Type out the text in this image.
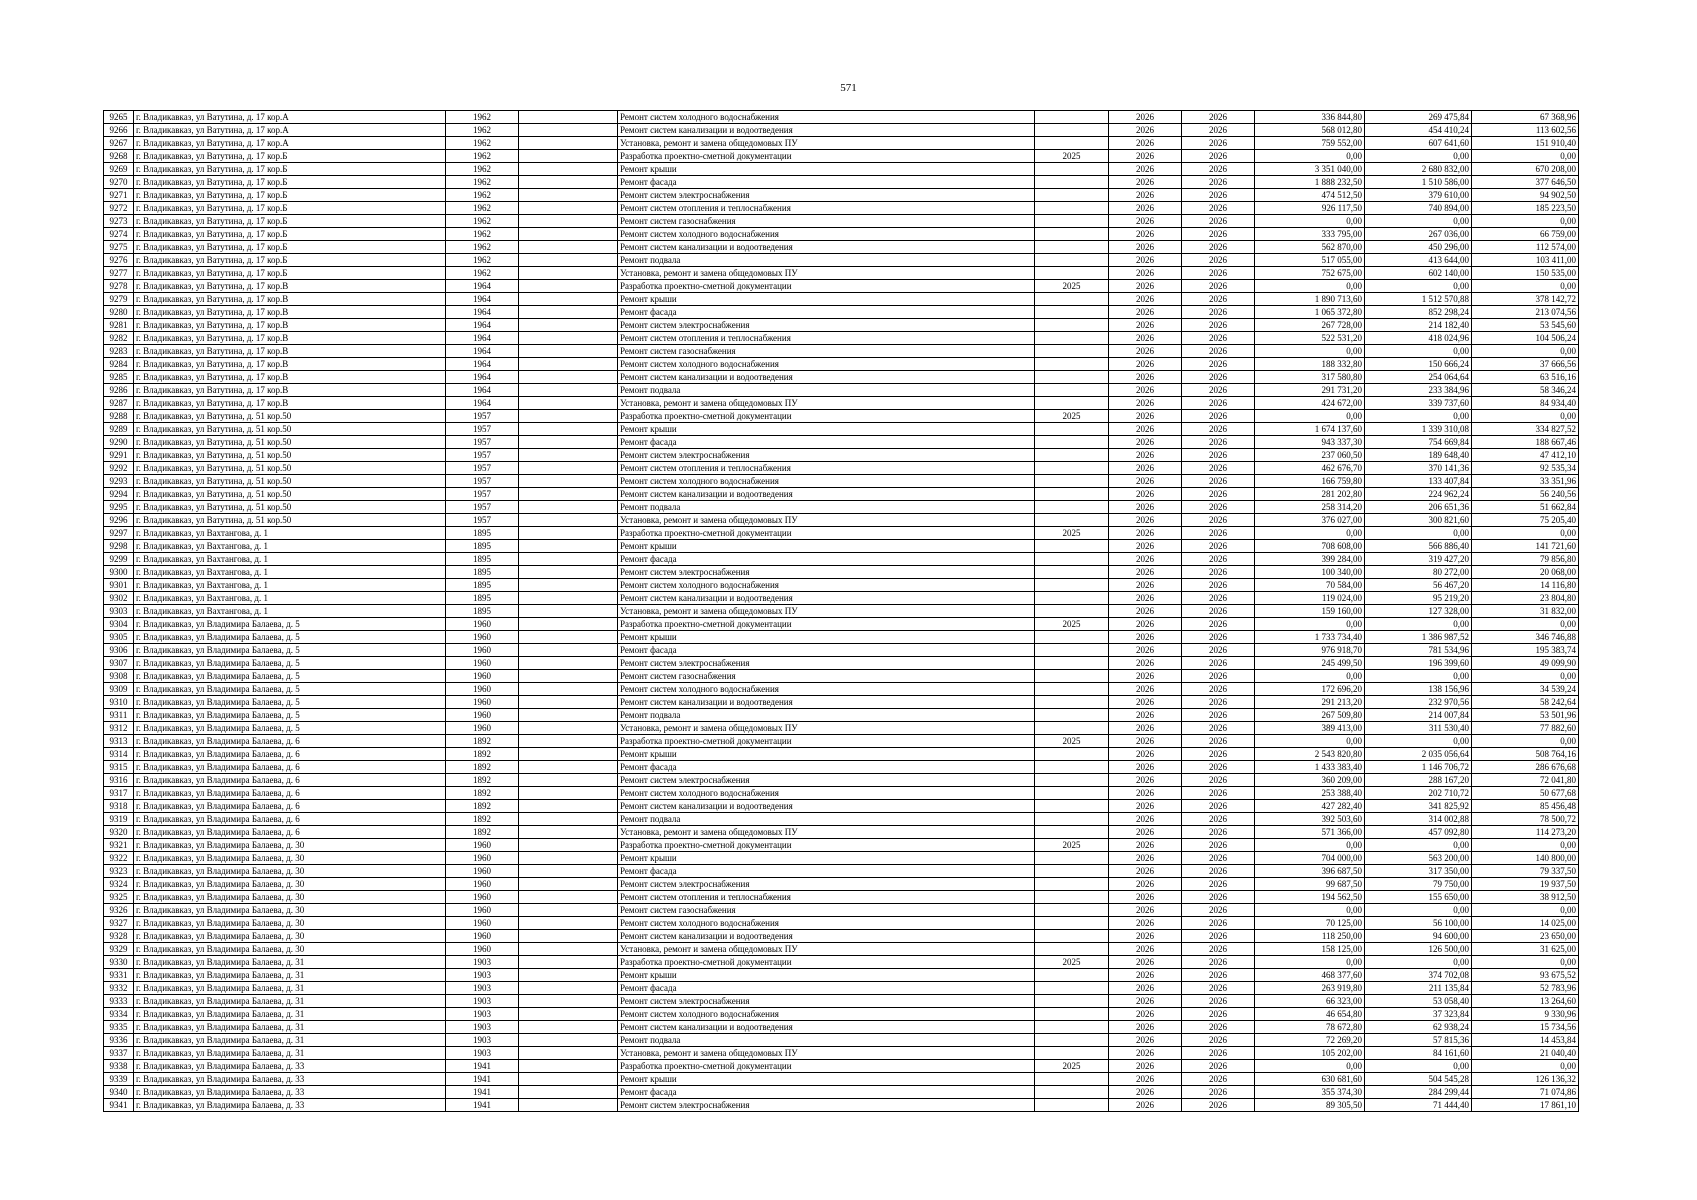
571
9265	г. Владикавказ, ул Ватутина, д. 17 кор.А	1962		Ремонт систем холодного водоснабжения		2026	2026	336 844,80	269 475,84	67 368,96
9266	г. Владикавказ, ул Ватутина, д. 17 кор.А	1962		Ремонт систем канализации и водоотведения		2026	2026	568 012,80	454 410,24	113 602,56
9267	г. Владикавказ, ул Ватутина, д. 17 кор.А	1962		Установка, ремонт и замена общедомовых ПУ		2026	2026	759 552,00	607 641,60	151 910,40
9268	г. Владикавказ, ул Ватутина, д. 17 кор.Б	1962		Разработка проектно-сметной документации	2025	2026	2026	0,00	0,00	0,00
9269	г. Владикавказ, ул Ватутина, д. 17 кор.Б	1962		Ремонт крыши		2026	2026	3 351 040,00	2 680 832,00	670 208,00
9270	г. Владикавказ, ул Ватутина, д. 17 кор.Б	1962		Ремонт фасада		2026	2026	1 888 232,50	1 510 586,00	377 646,50
9271	г. Владикавказ, ул Ватутина, д. 17 кор.Б	1962		Ремонт систем электроснабжения		2026	2026	474 512,50	379 610,00	94 902,50
9272	г. Владикавказ, ул Ватутина, д. 17 кор.Б	1962		Ремонт систем отопления и теплоснабжения		2026	2026	926 117,50	740 894,00	185 223,50
9273	г. Владикавказ, ул Ватутина, д. 17 кор.Б	1962		Ремонт систем газоснабжения		2026	2026	0,00	0,00	0,00
9274	г. Владикавказ, ул Ватутина, д. 17 кор.Б	1962		Ремонт систем холодного водоснабжения		2026	2026	333 795,00	267 036,00	66 759,00
9275	г. Владикавказ, ул Ватутина, д. 17 кор.Б	1962		Ремонт систем канализации и водоотведения		2026	2026	562 870,00	450 296,00	112 574,00
9276	г. Владикавказ, ул Ватутина, д. 17 кор.Б	1962		Ремонт подвала		2026	2026	517 055,00	413 644,00	103 411,00
9277	г. Владикавказ, ул Ватутина, д. 17 кор.Б	1962		Установка, ремонт и замена общедомовых ПУ		2026	2026	752 675,00	602 140,00	150 535,00
9278	г. Владикавказ, ул Ватутина, д. 17 кор.В	1964		Разработка проектно-сметной документации	2025	2026	2026	0,00	0,00	0,00
9279	г. Владикавказ, ул Ватутина, д. 17 кор.В	1964		Ремонт крыши		2026	2026	1 890 713,60	1 512 570,88	378 142,72
9280	г. Владикавказ, ул Ватутина, д. 17 кор.В	1964		Ремонт фасада		2026	2026	1 065 372,80	852 298,24	213 074,56
9281	г. Владикавказ, ул Ватутина, д. 17 кор.В	1964		Ремонт систем электроснабжения		2026	2026	267 728,00	214 182,40	53 545,60
9282	г. Владикавказ, ул Ватутина, д. 17 кор.В	1964		Ремонт систем отопления и теплоснабжения		2026	2026	522 531,20	418 024,96	104 506,24
9283	г. Владикавказ, ул Ватутина, д. 17 кор.В	1964		Ремонт систем газоснабжения		2026	2026	0,00	0,00	0,00
9284	г. Владикавказ, ул Ватутина, д. 17 кор.В	1964		Ремонт систем холодного водоснабжения		2026	2026	188 332,80	150 666,24	37 666,56
9285	г. Владикавказ, ул Ватутина, д. 17 кор.В	1964		Ремонт систем канализации и водоотведения		2026	2026	317 580,80	254 064,64	63 516,16
9286	г. Владикавказ, ул Ватутина, д. 17 кор.В	1964		Ремонт подвала		2026	2026	291 731,20	233 384,96	58 346,24
9287	г. Владикавказ, ул Ватутина, д. 17 кор.В	1964		Установка, ремонт и замена общедомовых ПУ		2026	2026	424 672,00	339 737,60	84 934,40
9288	г. Владикавказ, ул Ватутина, д. 51 кор.50	1957		Разработка проектно-сметной документации	2025	2026	2026	0,00	0,00	0,00
9289	г. Владикавказ, ул Ватутина, д. 51 кор.50	1957		Ремонт крыши		2026	2026	1 674 137,60	1 339 310,08	334 827,52
9290	г. Владикавказ, ул Ватутина, д. 51 кор.50	1957		Ремонт фасада		2026	2026	943 337,30	754 669,84	188 667,46
9291	г. Владикавказ, ул Ватутина, д. 51 кор.50	1957		Ремонт систем электроснабжения		2026	2026	237 060,50	189 648,40	47 412,10
9292	г. Владикавказ, ул Ватутина, д. 51 кор.50	1957		Ремонт систем отопления и теплоснабжения		2026	2026	462 676,70	370 141,36	92 535,34
9293	г. Владикавказ, ул Ватутина, д. 51 кор.50	1957		Ремонт систем холодного водоснабжения		2026	2026	166 759,80	133 407,84	33 351,96
9294	г. Владикавказ, ул Ватутина, д. 51 кор.50	1957		Ремонт систем канализации и водоотведения		2026	2026	281 202,80	224 962,24	56 240,56
9295	г. Владикавказ, ул Ватутина, д. 51 кор.50	1957		Ремонт подвала		2026	2026	258 314,20	206 651,36	51 662,84
9296	г. Владикавказ, ул Ватутина, д. 51 кор.50	1957		Установка, ремонт и замена общедомовых ПУ		2026	2026	376 027,00	300 821,60	75 205,40
9297	г. Владикавказ, ул Вахтангова, д. 1	1895		Разработка проектно-сметной документации	2025	2026	2026	0,00	0,00	0,00
9298	г. Владикавказ, ул Вахтангова, д. 1	1895		Ремонт крыши		2026	2026	708 608,00	566 886,40	141 721,60
9299	г. Владикавказ, ул Вахтангова, д. 1	1895		Ремонт фасада		2026	2026	399 284,00	319 427,20	79 856,80
9300	г. Владикавказ, ул Вахтангова, д. 1	1895		Ремонт систем электроснабжения		2026	2026	100 340,00	80 272,00	20 068,00
9301	г. Владикавказ, ул Вахтангова, д. 1	1895		Ремонт систем холодного водоснабжения		2026	2026	70 584,00	56 467,20	14 116,80
9302	г. Владикавказ, ул Вахтангова, д. 1	1895		Ремонт систем канализации и водоотведения		2026	2026	119 024,00	95 219,20	23 804,80
9303	г. Владикавказ, ул Вахтангова, д. 1	1895		Установка, ремонт и замена общедомовых ПУ		2026	2026	159 160,00	127 328,00	31 832,00
9304	г. Владикавказ, ул Владимира Балаева, д. 5	1960		Разработка проектно-сметной документации	2025	2026	2026	0,00	0,00	0,00
9305	г. Владикавказ, ул Владимира Балаева, д. 5	1960		Ремонт крыши		2026	2026	1 733 734,40	1 386 987,52	346 746,88
9306	г. Владикавказ, ул Владимира Балаева, д. 5	1960		Ремонт фасада		2026	2026	976 918,70	781 534,96	195 383,74
9307	г. Владикавказ, ул Владимира Балаева, д. 5	1960		Ремонт систем электроснабжения		2026	2026	245 499,50	196 399,60	49 099,90
9308	г. Владикавказ, ул Владимира Балаева, д. 5	1960		Ремонт систем газоснабжения		2026	2026	0,00	0,00	0,00
9309	г. Владикавказ, ул Владимира Балаева, д. 5	1960		Ремонт систем холодного водоснабжения		2026	2026	172 696,20	138 156,96	34 539,24
9310	г. Владикавказ, ул Владимира Балаева, д. 5	1960		Ремонт систем канализации и водоотведения		2026	2026	291 213,20	232 970,56	58 242,64
9311	г. Владикавказ, ул Владимира Балаева, д. 5	1960		Ремонт подвала		2026	2026	267 509,80	214 007,84	53 501,96
9312	г. Владикавказ, ул Владимира Балаева, д. 5	1960		Установка, ремонт и замена общедомовых ПУ		2026	2026	389 413,00	311 530,40	77 882,60
9313	г. Владикавказ, ул Владимира Балаева, д. 6	1892		Разработка проектно-сметной документации	2025	2026	2026	0,00	0,00	0,00
9314	г. Владикавказ, ул Владимира Балаева, д. 6	1892		Ремонт крыши		2026	2026	2 543 820,80	2 035 056,64	508 764,16
9315	г. Владикавказ, ул Владимира Балаева, д. 6	1892		Ремонт фасада		2026	2026	1 433 383,40	1 146 706,72	286 676,68
9316	г. Владикавказ, ул Владимира Балаева, д. 6	1892		Ремонт систем электроснабжения		2026	2026	360 209,00	288 167,20	72 041,80
9317	г. Владикавказ, ул Владимира Балаева, д. 6	1892		Ремонт систем холодного водоснабжения		2026	2026	253 388,40	202 710,72	50 677,68
9318	г. Владикавказ, ул Владимира Балаева, д. 6	1892		Ремонт систем канализации и водоотведения		2026	2026	427 282,40	341 825,92	85 456,48
9319	г. Владикавказ, ул Владимира Балаева, д. 6	1892		Ремонт подвала		2026	2026	392 503,60	314 002,88	78 500,72
9320	г. Владикавказ, ул Владимира Балаева, д. 6	1892		Установка, ремонт и замена общедомовых ПУ		2026	2026	571 366,00	457 092,80	114 273,20
9321	г. Владикавказ, ул Владимира Балаева, д. 30	1960		Разработка проектно-сметной документации	2025	2026	2026	0,00	0,00	0,00
9322	г. Владикавказ, ул Владимира Балаева, д. 30	1960		Ремонт крыши		2026	2026	704 000,00	563 200,00	140 800,00
9323	г. Владикавказ, ул Владимира Балаева, д. 30	1960		Ремонт фасада		2026	2026	396 687,50	317 350,00	79 337,50
9324	г. Владикавказ, ул Владимира Балаева, д. 30	1960		Ремонт систем электроснабжения		2026	2026	99 687,50	79 750,00	19 937,50
9325	г. Владикавказ, ул Владимира Балаева, д. 30	1960		Ремонт систем отопления и теплоснабжения		2026	2026	194 562,50	155 650,00	38 912,50
9326	г. Владикавказ, ул Владимира Балаева, д. 30	1960		Ремонт систем газоснабжения		2026	2026	0,00	0,00	0,00
9327	г. Владикавказ, ул Владимира Балаева, д. 30	1960		Ремонт систем холодного водоснабжения		2026	2026	70 125,00	56 100,00	14 025,00
9328	г. Владикавказ, ул Владимира Балаева, д. 30	1960		Ремонт систем канализации и водоотведения		2026	2026	118 250,00	94 600,00	23 650,00
9329	г. Владикавказ, ул Владимира Балаева, д. 30	1960		Установка, ремонт и замена общедомовых ПУ		2026	2026	158 125,00	126 500,00	31 625,00
9330	г. Владикавказ, ул Владимира Балаева, д. 31	1903		Разработка проектно-сметной документации	2025	2026	2026	0,00	0,00	0,00
9331	г. Владикавказ, ул Владимира Балаева, д. 31	1903		Ремонт крыши		2026	2026	468 377,60	374 702,08	93 675,52
9332	г. Владикавказ, ул Владимира Балаева, д. 31	1903		Ремонт фасада		2026	2026	263 919,80	211 135,84	52 783,96
9333	г. Владикавказ, ул Владимира Балаева, д. 31	1903		Ремонт систем электроснабжения		2026	2026	66 323,00	53 058,40	13 264,60
9334	г. Владикавказ, ул Владимира Балаева, д. 31	1903		Ремонт систем холодного водоснабжения		2026	2026	46 654,80	37 323,84	9 330,96
9335	г. Владикавказ, ул Владимира Балаева, д. 31	1903		Ремонт систем канализации и водоотведения		2026	2026	78 672,80	62 938,24	15 734,56
9336	г. Владикавказ, ул Владимира Балаева, д. 31	1903		Ремонт подвала		2026	2026	72 269,20	57 815,36	14 453,84
9337	г. Владикавказ, ул Владимира Балаева, д. 31	1903		Установка, ремонт и замена общедомовых ПУ		2026	2026	105 202,00	84 161,60	21 040,40
9338	г. Владикавказ, ул Владимира Балаева, д. 33	1941		Разработка проектно-сметной документации	2025	2026	2026	0,00	0,00	0,00
9339	г. Владикавказ, ул Владимира Балаева, д. 33	1941		Ремонт крыши		2026	2026	630 681,60	504 545,28	126 136,32
9340	г. Владикавказ, ул Владимира Балаева, д. 33	1941		Ремонт фасада		2026	2026	355 374,30	284 299,44	71 074,86
9341	г. Владикавказ, ул Владимира Балаева, д. 33	1941		Ремонт систем электроснабжения		2026	2026	89 305,50	71 444,40	17 861,10
